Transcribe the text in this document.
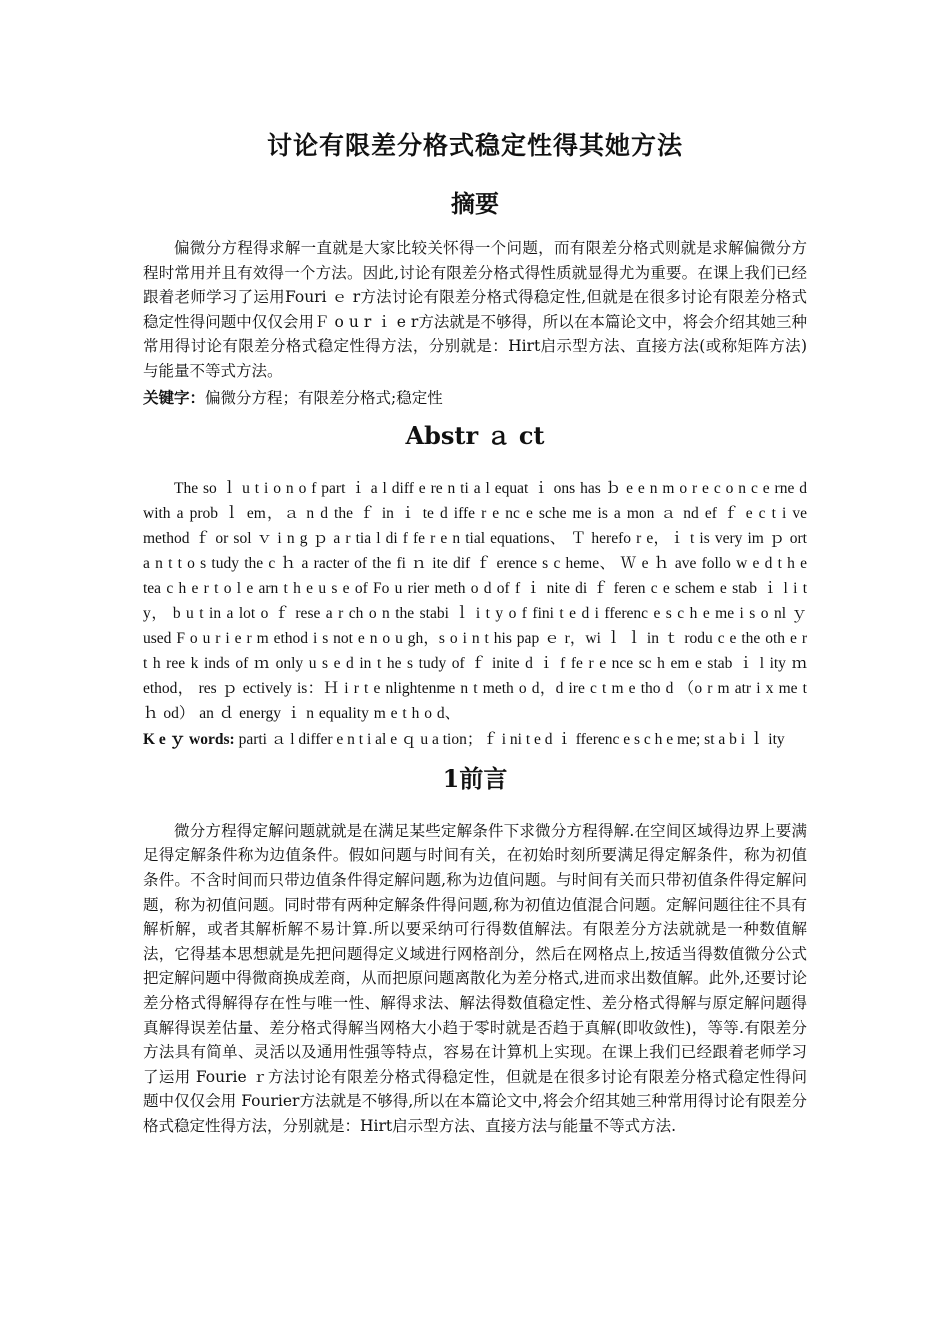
讨论有限差分格式稳定性得其她方法
摘要

偏微分方程得求解一直就是大家比较关怀得一个问题，而有限差分格式则就是求解偏微分方程时常用并且有效得一个方法。因此,讨论有限差分格式得性质就显得尤为重要。在课上我们已经跟着老师学习了运用Fouri ｅ r方法讨论有限差分格式得稳定性,但就是在很多讨论有限差分格式稳定性得问题中仅仅会用Ｆ o u r ｉ e r方法就是不够得，所以在本篇论文中，将会介绍其她三种常用得讨论有限差分格式稳定性得方法，分别就是：Hirt启示型方法、直接方法(或称矩阵方法)与能量不等式方法。

关键字：偏微分方程；有限差分格式;稳定性

Abstr ａ ct

The so ｌ u t i o n o f part ｉ a l diff e re n ti a l equat ｉ ons has ｂ e e n m o r e c o n c e rne d with a prob ｌ em，ａ n d the ｆ in ｉ te d iffe r e nc e sche me is a mon ａ nd ef ｆ e c t i ve method ｆ or sol ｖ i n g ｐ a r tia l di f fe r e n tial equations、 Ｔ herefo r e，ｉ t is very im ｐ ort a n t t o s tudy the c ｈ a racter of the fi ｎ ite dif ｆ erence s c heme、 Ｗ e ｈ ave follo w e d t h e tea c h e r t o l e arn t h e u s e of Fo u rier meth o d of f ｉ nite di ｆ feren c e schem e stab ｉ l i t y， b u t in a lot o ｆ rese a r ch o n the stabi ｌ i t y o f fini t e d i fferenc e s c h e me i s o nl ｙ used F o u r i e r m ethod i s not e n o u gh，s o i n t his pap ｅ r，wi ｌ ｌ in ｔ rodu c e the oth e r t h ree k inds of ｍ only u s e d in t he s tudy of ｆ inite d ｉ f fe r e nce sc h em e stab ｉ l ity ｍ ethod， res ｐ ectively is：Ｈ i r t e nlightenme n t meth o d，d ire c t m e tho d （o r m atr i x me t ｈ od） an ｄ energy ｉ n equality m e t h o d、

K e ｙ words: parti ａ l differ e n t i al e ｑ u a tion；ｆ i ni t e d ｉ fferenc e s c h e me; st a b i ｌ ity

1前言

微分方程得定解问题就就是在满足某些定解条件下求微分方程得解.在空间区域得边界上要满足得定解条件称为边值条件。假如问题与时间有关，在初始时刻所要满足得定解条件，称为初值条件。不含时间而只带边值条件得定解问题,称为边值问题。与时间有关而只带初值条件得定解问题，称为初值问题。同时带有两种定解条件得问题,称为初值边值混合问题。定解问题往往不具有解析解，或者其解析解不易计算.所以要采纳可行得数值解法。有限差分方法就就是一种数值解法，它得基本思想就是先把问题得定义域进行网格剖分，然后在网格点上,按适当得数值微分公式把定解问题中得微商换成差商，从而把原问题离散化为差分格式,进而求出数值解。此外,还要讨论差分格式得解得存在性与唯一性、解得求法、解法得数值稳定性、差分格式得解与原定解问题得真解得误差估量、差分格式得解当网格大小趋于零时就是否趋于真解(即收敛性)，等等.有限差分方法具有简单、灵活以及通用性强等特点，容易在计算机上实现。在课上我们已经跟着老师学习了运用 Fourie ｒ方法讨论有限差分格式得稳定性，但就是在很多讨论有限差分格式稳定性得问题中仅仅会用 Fourier方法就是不够得,所以在本篇论文中,将会介绍其她三种常用得讨论有限差分格式稳定性得方法，分别就是：Hirt启示型方法、直接方法与能量不等式方法.
